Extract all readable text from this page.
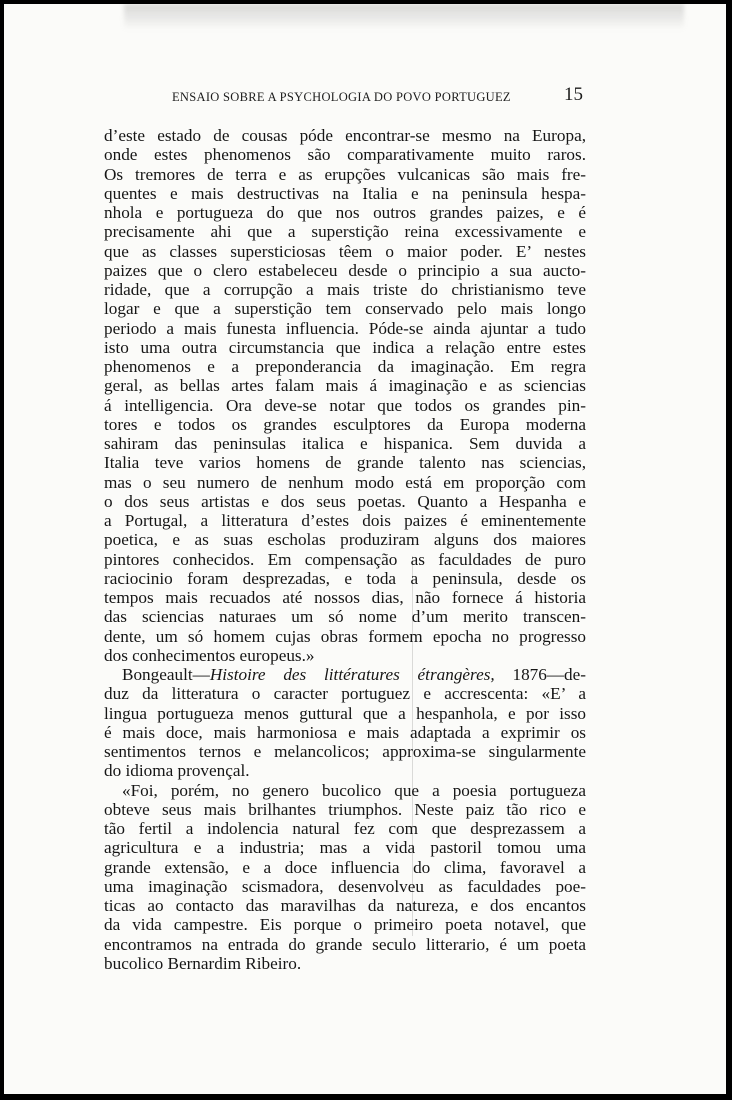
ENSAIO SOBRE A PSYCHOLOGIA DO POVO PORTUGUEZ	15
d’este estado de cousas póde encontrar-se mesmo na Europa,
onde estes phenomenos são comparativamente muito raros.
Os tremores de terra e as erupções vulcanicas são mais fre-
quentes e mais destructivas na Italia e na peninsula hespa-
nhola e portugueza do que nos outros grandes paizes, e é
precisamente ahi que a superstição reina excessivamente e
que as classes supersticiosas têem o maior poder. E’ nestes
paizes que o clero estabeleceu desde o principio a sua aucto-
ridade, que a corrupção a mais triste do christianismo teve
logar e que a superstição tem conservado pelo mais longo
periodo a mais funesta influencia. Póde-se ainda ajuntar a tudo
isto uma outra circumstancia que indica a relação entre estes
phenomenos e a preponderancia da imaginação. Em regra
geral, as bellas artes falam mais á imaginação e as sciencias
á intelligencia. Ora deve-se notar que todos os grandes pin-
tores e todos os grandes esculptores da Europa moderna
sahiram das peninsulas italica e hispanica. Sem duvida a
Italia teve varios homens de grande talento nas sciencias,
mas o seu numero de nenhum modo está em proporção com
o dos seus artistas e dos seus poetas. Quanto a Hespanha e
a Portugal, a litteratura d’estes dois paizes é eminentemente
poetica, e as suas escholas produziram alguns dos maiores
pintores conhecidos. Em compensação as faculdades de puro
raciocinio foram desprezadas, e toda a peninsula, desde os
tempos mais recuados até nossos dias, não fornece á historia
das sciencias naturaes um só nome d’um merito transcen-
dente, um só homem cujas obras formem epocha no progresso
dos conhecimentos europeus.»
Bongeault—Histoire des littératures étrangères, 1876—de-
duz da litteratura o caracter portuguez e accrescenta: «E’ a
lingua portugueza menos guttural que a hespanhola, e por isso
é mais doce, mais harmoniosa e mais adaptada a exprimir os
sentimentos ternos e melancolicos; approxima-se singularmente
do idioma provençal.
«Foi, porém, no genero bucolico que a poesia portugueza
obteve seus mais brilhantes triumphos. Neste paiz tão rico e
tão fertil a indolencia natural fez com que desprezassem a
agricultura e a industria; mas a vida pastoril tomou uma
grande extensão, e a doce influencia do clima, favoravel a
uma imaginação scismadora, desenvolveu as faculdades poe-
ticas ao contacto das maravilhas da natureza, e dos encantos
da vida campestre. Eis porque o primeiro poeta notavel, que
encontramos na entrada do grande seculo litterario, é um poeta
bucolico Bernardim Ribeiro.
